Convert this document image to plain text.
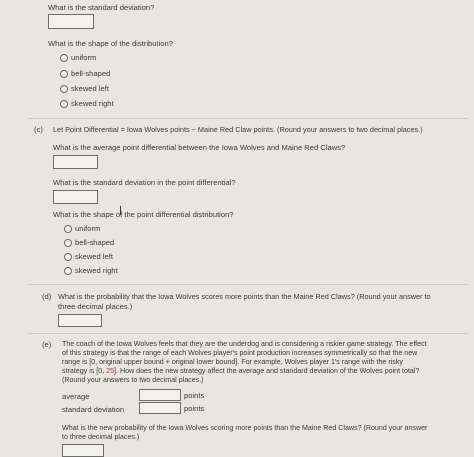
What is the standard deviation?
What is the shape of the distribution?
uniform
bell-shaped
skewed left
skewed right
(c) Let Point Differential = Iowa Wolves points − Maine Red Claw points. (Round your answers to two decimal places.)
What is the average point differential between the Iowa Wolves and Maine Red Claws?
What is the standard deviation in the point differential?
What is the shape of the point differential distribution?
uniform
bell-shaped
skewed left
skewed right
(d) What is the probability that the Iowa Wolves scores more points than the Maine Red Claws? (Round your answer to
three decimal places.)
(e) The coach of the Iowa Wolves feels that they are the underdog and is considering a riskier game strategy. The effect
of this strategy is that the range of each Wolves player's point production increases symmetrically so that the new
range is [0, original upper bound + original lower bound]. For example, Wolves player 1's range with the risky
strategy is [0, 25]. How does the new strategy affect the average and standard deviation of the Wolves point total?
(Round your answers to two decimal places.)
average	points
standard deviation	points
What is the new probability of the Iowa Wolves scoring more points than the Maine Red Claws? (Round your answer
to three decimal places.)
